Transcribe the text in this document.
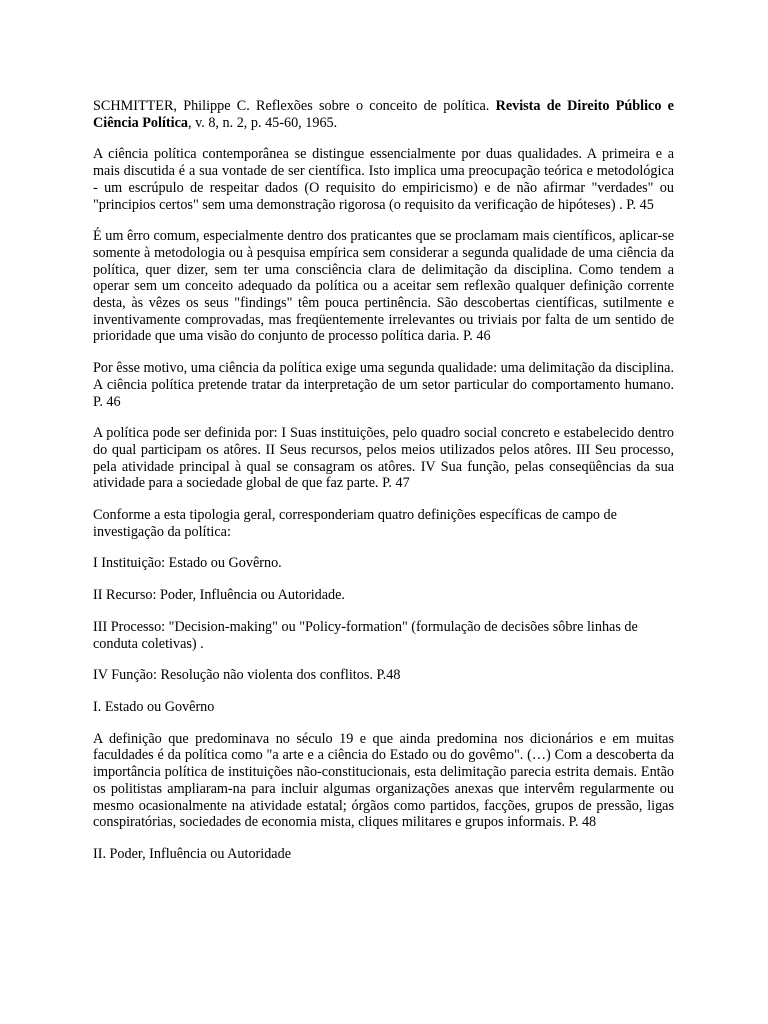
SCHMITTER, Philippe C. Reflexões sobre o conceito de política. Revista de Direito Público e Ciência Política, v. 8, n. 2, p. 45-60, 1965.

A ciência política contemporânea se distingue essencialmente por duas qualidades. A primeira e a mais discutida é a sua vontade de ser científica. Isto implica uma preocupação teórica e metodológica - um escrúpulo de respeitar dados (O requisito do empiricismo) e de não afirmar "verdades" ou "principios certos" sem uma demonstração rigorosa (o requisito da verificação de hipóteses) . P. 45

É um êrro comum, especialmente dentro dos praticantes que se proclamam mais científicos, aplicar-se somente à metodologia ou à pesquisa empírica sem considerar a segunda qualidade de uma ciência da política, quer dizer, sem ter uma consciência clara de delimitação da disciplina. Como tendem a operar sem um conceito adequado da política ou a aceitar sem reflexão qualquer definição corrente desta, às vêzes os seus "findings" têm pouca pertinência. São descobertas científicas, sutilmente e inventivamente comprovadas, mas freqüentemente irrelevantes ou triviais por falta de um sentido de prioridade que uma visão do conjunto de processo política daria. P. 46

Por êsse motivo, uma ciência da política exige uma segunda qualidade: uma delimitação da disciplina. A ciência política pretende tratar da interpretação de um setor particular do comportamento humano. P. 46

A política pode ser definida por: I Suas instituições, pelo quadro social concreto e estabelecido dentro do qual participam os atôres. II Seus recursos, pelos meios utilizados pelos atôres. III Seu processo, pela atividade principal à qual se consagram os atôres. IV Sua função, pelas conseqüências da sua atividade para a sociedade global de que faz parte. P. 47

Conforme a esta tipologia geral, corresponderiam quatro definições específicas de campo de investigação da política:

I Instituição: Estado ou Govêrno.

II Recurso: Poder, Influência ou Autoridade.

III Processo: "Decision-making" ou "Policy-formation" (formulação de decisões sôbre linhas de conduta coletivas) .

IV Função: Resolução não violenta dos conflitos. P.48

I. Estado ou Govêrno

A definição que predominava no século 19 e que ainda predomina nos dicionários e em muitas faculdades é da política como "a arte e a ciência do Estado ou do govêmo". (…) Com a descoberta da importância política de instituições não-constitucionais, esta delimitação parecia estrita demais. Então os politistas ampliaram-na para incluir algumas organizações anexas que intervêm regularmente ou mesmo ocasionalmente na atividade estatal; órgãos como partidos, facções, grupos de pressão, ligas conspiratórias, sociedades de economia mista, cliques militares e grupos informais. P. 48

II. Poder, Influência ou Autoridade
